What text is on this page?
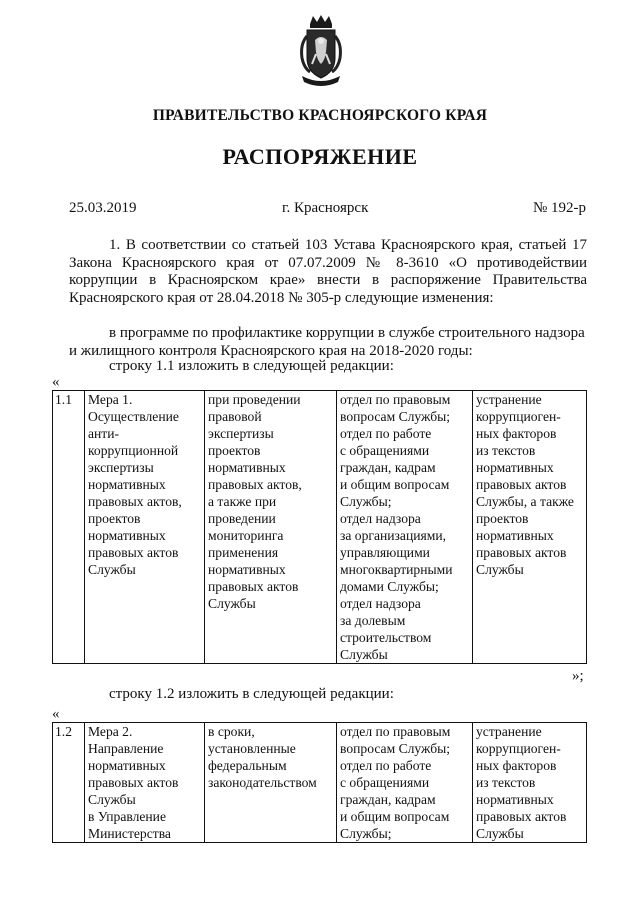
ПРАВИТЕЛЬСТВО КРАСНОЯРСКОГО КРАЯ
РАСПОРЯЖЕНИЕ
25.03.2019	г. Красноярск	№ 192-р
1. В соответствии со статьей 103 Устава Красноярского края, статьей 17
Закона Красноярского края от 07.07.2009 № 8-3610 «О противодействии
коррупции в Красноярском крае» внести в распоряжение Правительства
Красноярского края от 28.04.2018 № 305-р следующие изменения:
в программе по профилактике коррупции в службе строительного надзора
и жилищного контроля Красноярского края на 2018-2020 годы:
строку 1.1 изложить в следующей редакции:
«
1.1	Мера 1.
Осуществление
анти-
коррупционной
экспертизы
нормативных
правовых актов,
проектов
нормативных
правовых актов
Службы

при проведении
правовой
экспертизы
проектов
нормативных
правовых актов,
а также при
проведении
мониторинга
применения
нормативных
правовых актов
Службы

отдел по правовым
вопросам Службы;
отдел по работе
с обращениями
граждан, кадрам
и общим вопросам
Службы;
отдел надзора
за организациями,
управляющими
многоквартирными
домами Службы;
отдел надзора
за долевым
строительством
Службы

устранение
коррупциоген-
ных факторов
из текстов
нормативных
правовых актов
Службы, а также
проектов
нормативных
правовых актов
Службы
»;
строку 1.2 изложить в следующей редакции:
«
1.2	Мера 2.
Направление
нормативных
правовых актов
Службы
в Управление
Министерства

в сроки,
установленные
федеральным
законодательством

отдел по правовым
вопросам Службы;
отдел по работе
с обращениями
граждан, кадрам
и общим вопросам
Службы;

устранение
коррупциоген-
ных факторов
из текстов
нормативных
правовых актов
Службы
